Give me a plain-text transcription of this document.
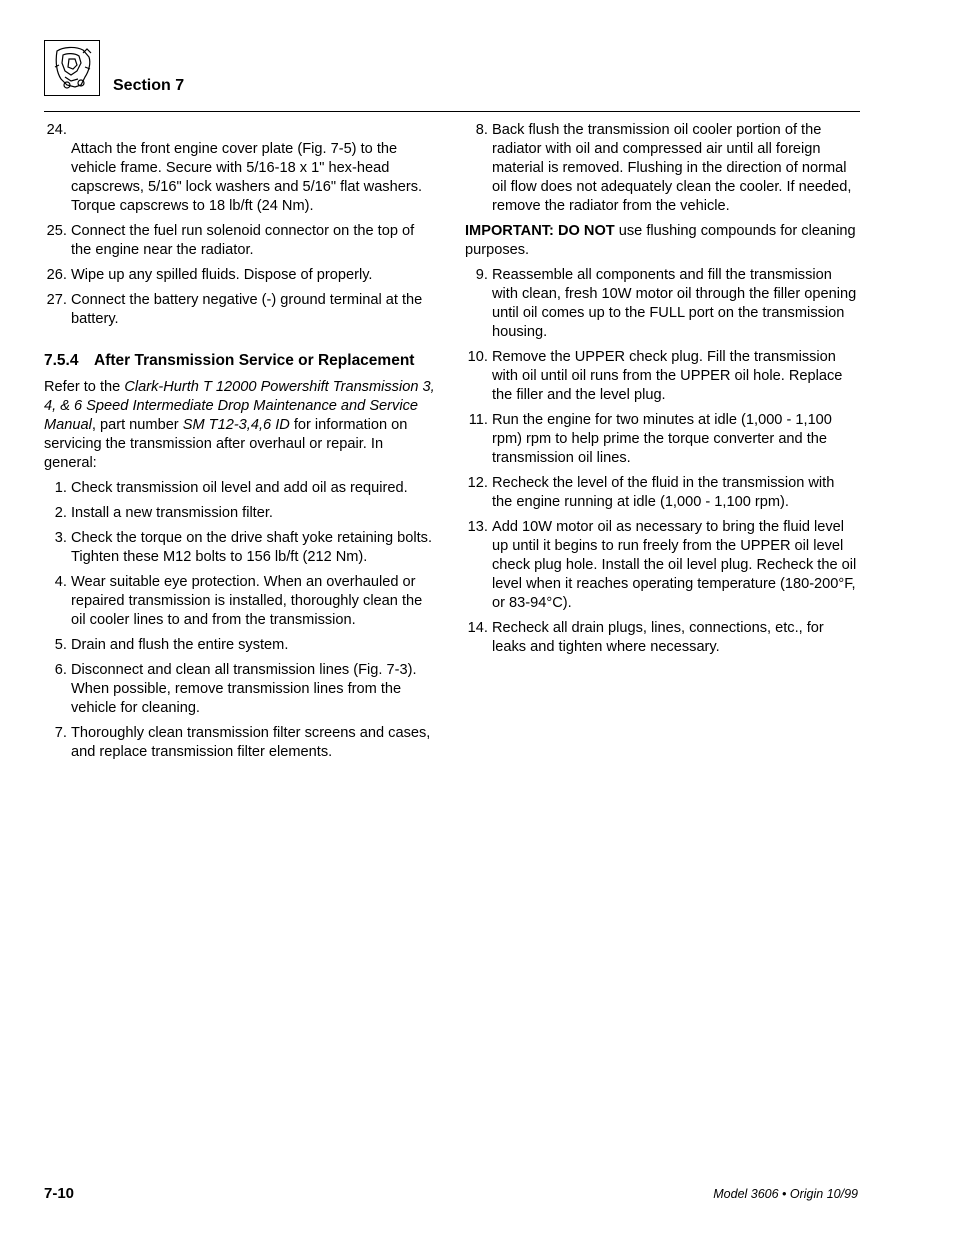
Section 7
24.
Attach the front engine cover plate (Fig. 7-5) to the vehicle frame. Secure with 5/16-18 x 1" hex-head capscrews, 5/16" lock washers and 5/16" flat washers. Torque capscrews to 18 lb/ft (24 Nm).
25. Connect the fuel run solenoid connector on the top of the engine near the radiator.
26. Wipe up any spilled fluids. Dispose of properly.
27. Connect the battery negative (-) ground terminal at the battery.
7.5.4	After Transmission Service or Replacement

Refer to the Clark-Hurth T 12000 Powershift Transmission 3, 4, & 6 Speed Intermediate Drop Maintenance and Service Manual, part number SM T12-3,4,6 ID for information on servicing the transmission after overhaul or repair. In general:

1. Check transmission oil level and add oil as required.
2. Install a new transmission filter.
3. Check the torque on the drive shaft yoke retaining bolts. Tighten these M12 bolts to 156 lb/ft (212 Nm).
4. Wear suitable eye protection. When an overhauled or repaired transmission is installed, thoroughly clean the oil cooler lines to and from the transmission.
5. Drain and flush the entire system.
6. Disconnect and clean all transmission lines (Fig. 7-3). When possible, remove transmission lines from the vehicle for cleaning.
7. Thoroughly clean transmission filter screens and cases, and replace transmission filter elements.
8. Back flush the transmission oil cooler portion of the radiator with oil and compressed air until all foreign material is removed. Flushing in the direction of normal oil flow does not adequately clean the cooler. If needed, remove the radiator from the vehicle.

IMPORTANT: DO NOT use flushing compounds for cleaning purposes.

9. Reassemble all components and fill the transmission with clean, fresh 10W motor oil through the filler opening until oil comes up to the FULL port on the transmission housing.
10. Remove the UPPER check plug. Fill the transmission with oil until oil runs from the UPPER oil hole. Replace the filler and the level plug.
11. Run the engine for two minutes at idle (1,000 - 1,100 rpm) rpm to help prime the torque converter and the transmission oil lines.
12. Recheck the level of the fluid in the transmission with the engine running at idle (1,000 - 1,100 rpm).
13. Add 10W motor oil as necessary to bring the fluid level up until it begins to run freely from the UPPER oil level check plug hole. Install the oil level plug. Recheck the oil level when it reaches operating temperature (180-200°F, or 83-94°C).
14. Recheck all drain plugs, lines, connections, etc., for leaks and tighten where necessary.
7-10	Model 3606 • Origin 10/99
